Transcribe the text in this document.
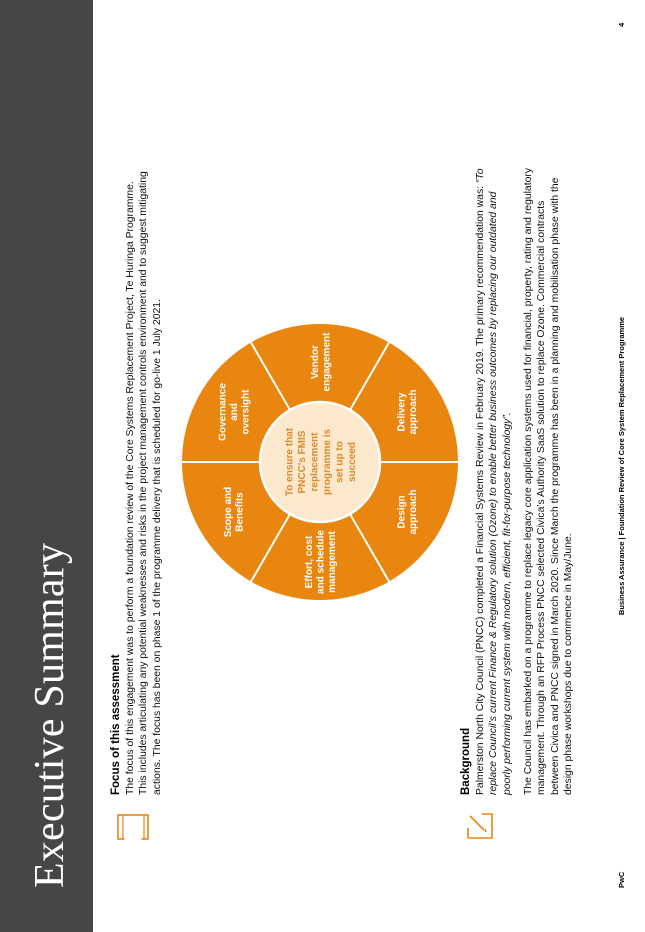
Executive Summary	Focus of this assessment The focus of this engagement was to perform a foundation review of the Core Systems Replacement Project, Te Huringa Programme. This includes articulating any potential weaknesses and risks in the project management controls environment and to suggest mitigating actions. The focus has been on phase 1 of the programme delivery that is scheduled for go-live 1 July 2021.	Scope andBenefits
Governanceandoversight
Vendorengagement
Deliveryapproach
Designapproach
Effort, costand schedulemanagement
To ensure that PNCC's FMIS replacement programme is set up to succeed
Background Palmerston North City Council (PNCC) completed a Financial Systems Review in February 2019. The primary recommendation was: “To
replace Council’s current Finance & Regulatory solution (Ozone) to enable better business outcomes by replacing our outdated and poorly performing current system with modern, efficient, fit-for-purpose technology”. The Council has embarked on a programme to replace legacy core application systems used for financial, property, rating and regulatory management. Through an RFP Process PNCC selected Civica’s Authority SaaS solution to replace Ozone. Commercial contracts between Civica and PNCC signed in March 2020. Since March the programme has been in a planning and mobilisation phase with the design phase workshops due to commence in May/June.
PwC
Business Assurance | Foundation Review of Core System Replacement Programme
4
